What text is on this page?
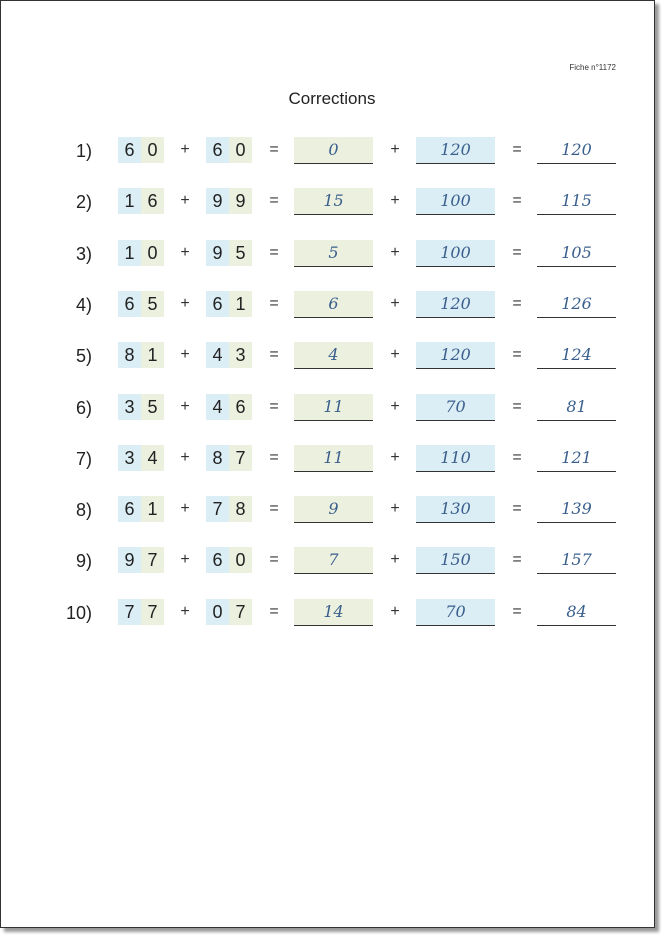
Fiche n°1172
Corrections
1)	6 0	+	6 0	=	0	+	120	=	120
2)	1 6	+	9 9	=	15	+	100	=	115
3)	1 0	+	9 5	=	5	+	100	=	105
4)	6 5	+	6 1	=	6	+	120	=	126
5)	8 1	+	4 3	=	4	+	120	=	124
6)	3 5	+	4 6	=	11	+	70	=	81
7)	3 4	+	8 7	=	11	+	110	=	121
8)	6 1	+	7 8	=	9	+	130	=	139
9)	9 7	+	6 0	=	7	+	150	=	157
10)	7 7	+	0 7	=	14	+	70	=	84
